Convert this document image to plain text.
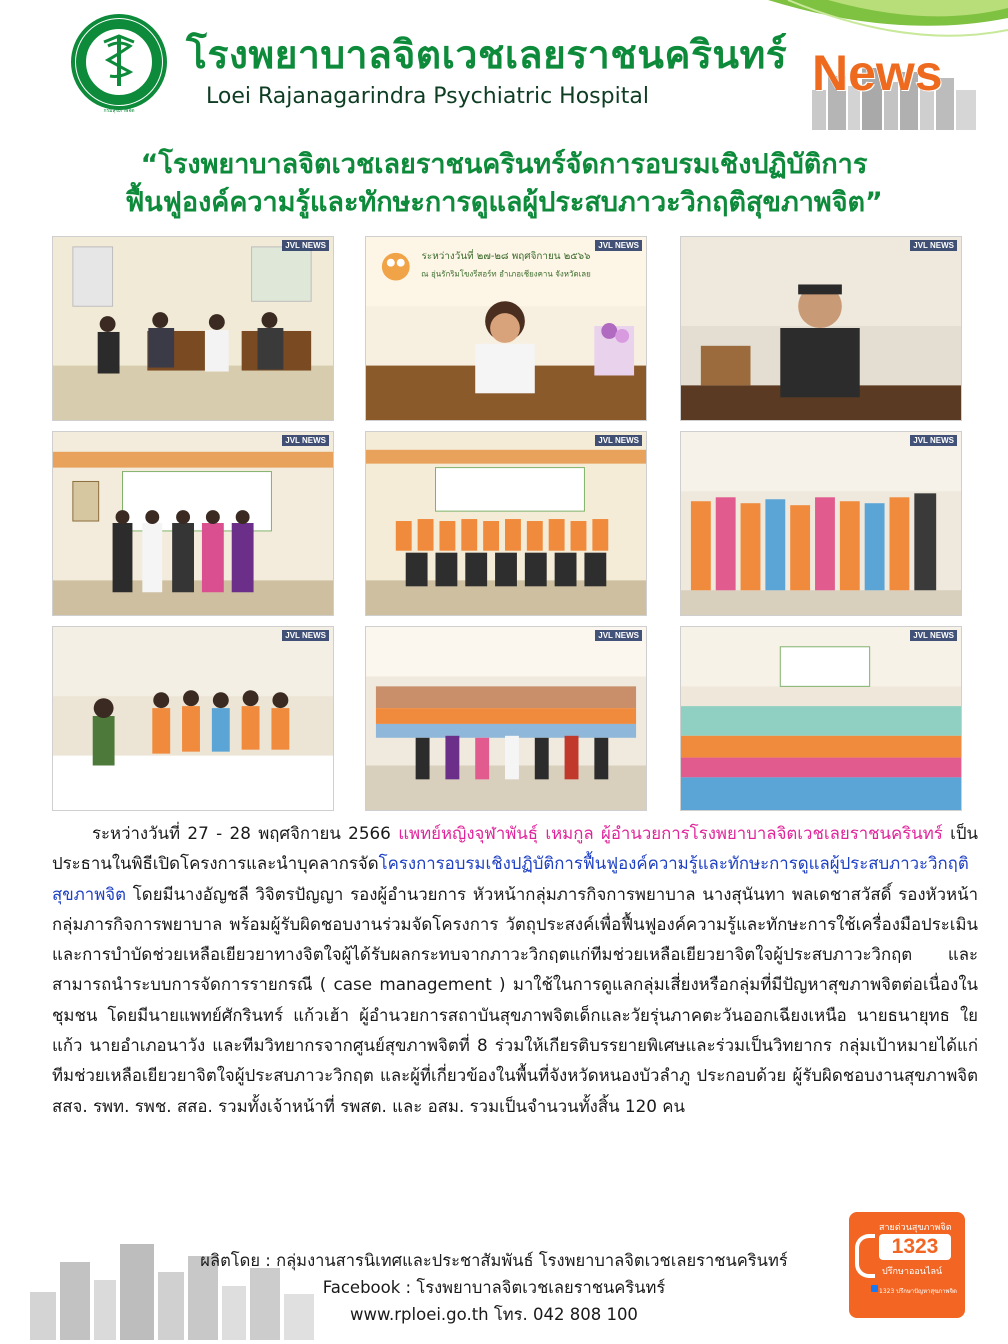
กรมสุขภาพจิต
โรงพยาบาลจิตเวชเลยราชนครินทร์
Loei Rajanagarindra Psychiatric Hospital	News
“โรงพยาบาลจิตเวชเลยราชนครินทร์จัดการอบรมเชิงปฏิบัติการ
ฟื้นฟูองค์ความรู้และทักษะการดูแลผู้ประสบภาวะวิกฤติสุขภาพจิต”
JVL NEWS
ระหว่างวันที่ ๒๗-๒๘ พฤศจิกายน ๒๕๖๖
ณ อุ่นรักริมโขงรีสอร์ท อำเภอเชียงคาน จังหวัดเลย
JVL NEWS	JVL NEWS
JVL NEWS	JVL NEWS	JVL NEWS
JVL NEWS	JVL NEWS	JVL NEWS
ระหว่างวันที่ 27 - 28 พฤศจิกายน 2566 แพทย์หญิงจุฬาพันธุ์ เหมกูล ผู้อำนวยการโรงพยาบาลจิตเวชเลยราชนครินทร์ เป็นประธานในพิธีเปิดโครงการและนำบุคลากรจัดโครงการอบรมเชิงปฏิบัติการฟื้นฟูองค์ความรู้และทักษะการดูแลผู้ประสบภาวะวิกฤติสุขภาพจิต โดยมีนางอัญชลี วิจิตรปัญญา รองผู้อำนวยการ หัวหน้ากลุ่มภารกิจการพยาบาล นางสุนันทา พลเดชาสวัสดิ์ รองหัวหน้ากลุ่มภารกิจการพยาบาล พร้อมผู้รับผิดชอบงานร่วมจัดโครงการ วัตถุประสงค์เพื่อฟื้นฟูองค์ความรู้และทักษะการใช้เครื่องมือประเมินและการบำบัดช่วยเหลือเยียวยาทางจิตใจผู้ได้รับผลกระทบจากภาวะวิกฤตแก่ทีมช่วยเหลือเยียวยาจิตใจผู้ประสบภาวะวิกฤต และสามารถนำระบบการจัดการรายกรณี ( case management ) มาใช้ในการดูแลกลุ่มเสี่ยงหรือกลุ่มที่มีปัญหาสุขภาพจิตต่อเนื่องในชุมชน โดยมีนายแพทย์ศักรินทร์ แก้วเฮ้า ผู้อำนวยการสถาบันสุขภาพจิตเด็กและวัยรุ่นภาคตะวันออกเฉียงเหนือ นายธนายุทธ ใยแก้ว นายอำเภอนาวัง และทีมวิทยากรจากศูนย์สุขภาพจิตที่ 8 ร่วมให้เกียรติบรรยายพิเศษและร่วมเป็นวิทยากร กลุ่มเป้าหมายได้แก่ทีมช่วยเหลือเยียวยาจิตใจผู้ประสบภาวะวิกฤต และผู้ที่เกี่ยวข้องในพื้นที่จังหวัดหนองบัวลำภู ประกอบด้วย ผู้รับผิดชอบงานสุขภาพจิต สสจ. รพท. รพช. สสอ. รวมทั้งเจ้าหน้าที่ รพสต. และ อสม. รวมเป็นจำนวนทั้งสิ้น 120 คน
ผลิตโดย : กลุ่มงานสารนิเทศและประชาสัมพันธ์ โรงพยาบาลจิตเวชเลยราชนครินทร์
Facebook : โรงพยาบาลจิตเวชเลยราชนครินทร์
www.rploei.go.th โทร. 042 808 100
สายด่วนสุขภาพจิต
1323
ปรึกษาออนไลน์
1323 ปรึกษาปัญหาสุขภาพจิต
